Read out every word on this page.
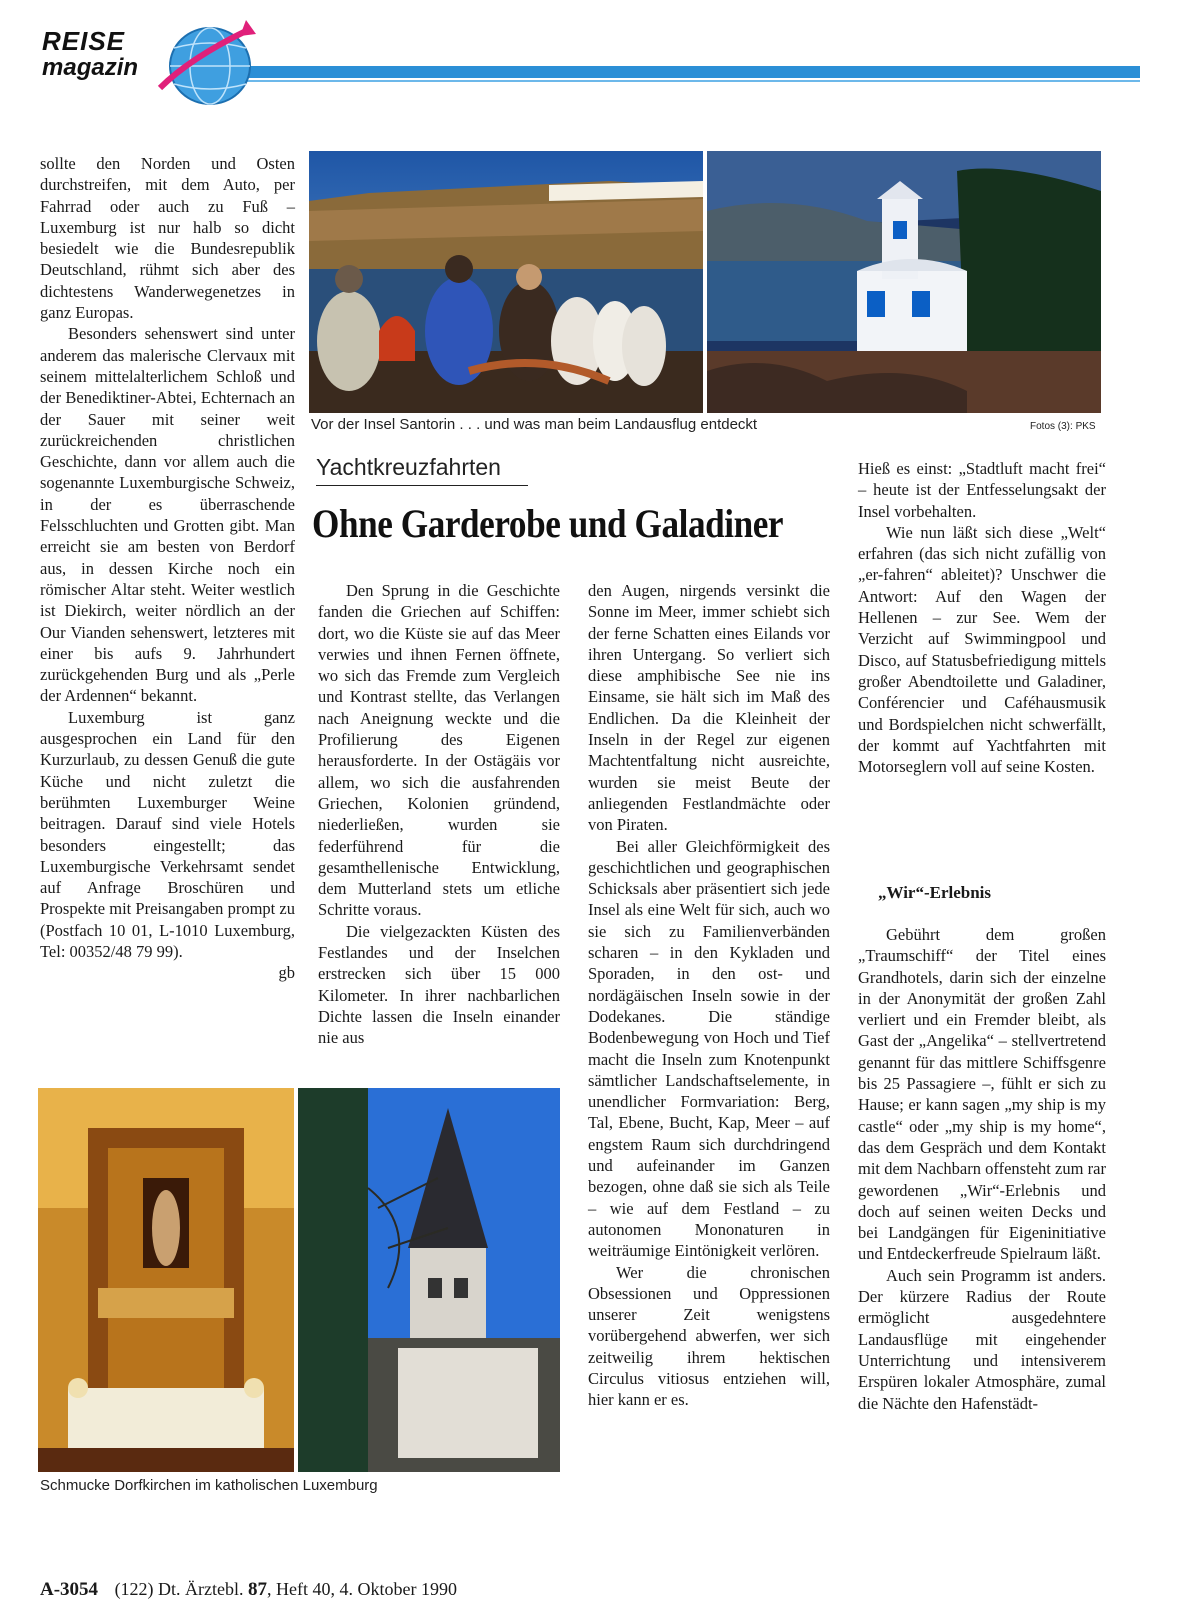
REISE
magazin

sollte den Norden und Osten durchstreifen, mit dem Auto, per Fahrrad oder auch zu Fuß – Luxemburg ist nur halb so dicht besiedelt wie die Bundesrepublik Deutschland, rühmt sich aber des dichtestens Wanderwegenetzes in ganz Europas.

Besonders sehenswert sind unter anderem das malerische Clervaux mit seinem mittelalterlichem Schloß und der Benediktiner-Abtei, Echternach an der Sauer mit seiner weit zurückreichenden christlichen Geschichte, dann vor allem auch die sogenannte Luxemburgische Schweiz, in der es überraschende Felsschluchten und Grotten gibt. Man erreicht sie am besten von Berdorf aus, in dessen Kirche noch ein römischer Altar steht. Weiter westlich ist Diekirch, weiter nördlich an der Our Vianden sehenswert, letzteres mit einer bis aufs 9. Jahrhundert zurückgehenden Burg und als „Perle der Ardennen“ bekannt.

Luxemburg ist ganz ausgesprochen ein Land für den Kurzurlaub, zu dessen Genuß die gute Küche und nicht zuletzt die berühmten Luxemburger Weine beitragen. Darauf sind viele Hotels besonders eingestellt; das Luxemburgische Verkehrsamt sendet auf Anfrage Broschüren und Prospekte mit Preisangaben prompt zu (Postfach 10 01, L-1010 Luxemburg, Tel: 00352/48 79 99).

gb

Vor der Insel Santorin . . . und was man beim Landausflug entdeckt	Fotos (3): PKS
Yachtkreuzfahrten
Ohne Garderobe und Galadiner

Den Sprung in die Geschichte fanden die Griechen auf Schiffen: dort, wo die Küste sie auf das Meer verwies und ihnen Fernen öffnete, wo sich das Fremde zum Vergleich und Kontrast stellte, das Verlangen nach Aneignung weckte und die Profilierung des Eigenen herausforderte. In der Ostägäis vor allem, wo sich die ausfahrenden Griechen, Kolonien gründend, niederließen, wurden sie federführend für die gesamthellenische Entwicklung, dem Mutterland stets um etliche Schritte voraus.

Die vielgezackten Küsten des Festlandes und der Inselchen erstrecken sich über 15 000 Kilometer. In ihrer nachbarlichen Dichte lassen die Inseln einander nie aus

den Augen, nirgends versinkt die Sonne im Meer, immer schiebt sich der ferne Schatten eines Eilands vor ihren Untergang. So verliert sich diese amphibische See nie ins Einsame, sie hält sich im Maß des Endlichen. Da die Kleinheit der Inseln in der Regel zur eigenen Machtentfaltung nicht ausreichte, wurden sie meist Beute der anliegenden Festlandmächte oder von Piraten.

Bei aller Gleichförmigkeit des geschichtlichen und geographischen Schicksals aber präsentiert sich jede Insel als eine Welt für sich, auch wo sie sich zu Familienverbänden scharen – in den Kykladen und Sporaden, in den ost- und nordägäischen Inseln sowie in der Dodekanes. Die ständige Bodenbewegung von Hoch und Tief macht die Inseln zum Knotenpunkt sämtlicher Landschaftselemente, in unendlicher Formvariation: Berg, Tal, Ebene, Bucht, Kap, Meer – auf engstem Raum sich durchdringend und aufeinander im Ganzen bezogen, ohne daß sie sich als Teile – wie auf dem Festland – zu autonomen Mononaturen in weiträumige Eintönigkeit verlören.

Wer die chronischen Obsessionen und Oppressionen unserer Zeit wenigstens vorübergehend abwerfen, wer sich zeitweilig ihrem hektischen Circulus vitiosus entziehen will, hier kann er es.

Hieß es einst: „Stadtluft macht frei“ – heute ist der Entfesselungsakt der Insel vorbehalten.

Wie nun läßt sich diese „Welt“ erfahren (das sich nicht zufällig von „er-fahren“ ableitet)? Unschwer die Antwort: Auf den Wagen der Hellenen – zur See. Wem der Verzicht auf Swimmingpool und Disco, auf Statusbefriedigung mittels großer Abendtoilette und Galadiner, Conférencier und Caféhausmusik und Bordspielchen nicht schwerfällt, der kommt auf Yachtfahrten mit Motorseglern voll auf seine Kosten.

„Wir“-Erlebnis

Gebührt dem großen „Traumschiff“ der Titel eines Grandhotels, darin sich der einzelne in der Anonymität der großen Zahl verliert und ein Fremder bleibt, als Gast der „Angelika“ – stellvertretend genannt für das mittlere Schiffsgenre bis 25 Passagiere –, fühlt er sich zu Hause; er kann sagen „my ship is my castle“ oder „my ship is my home“, das dem Gespräch und dem Kontakt mit dem Nachbarn offensteht zum rar gewordenen „Wir“-Erlebnis und doch auf seinen weiten Decks und bei Landgängen für Eigeninitiative und Entdeckerfreude Spielraum läßt.

Auch sein Programm ist anders. Der kürzere Radius der Route ermöglicht ausgedehntere Landausflüge mit eingehender Unterrichtung und intensiverem Erspüren lokaler Atmosphäre, zumal die Nächte den Hafenstädt-

Schmucke Dorfkirchen im katholischen Luxemburg
A-3054 (122) Dt. Ärztebl. 87, Heft 40, 4. Oktober 1990
